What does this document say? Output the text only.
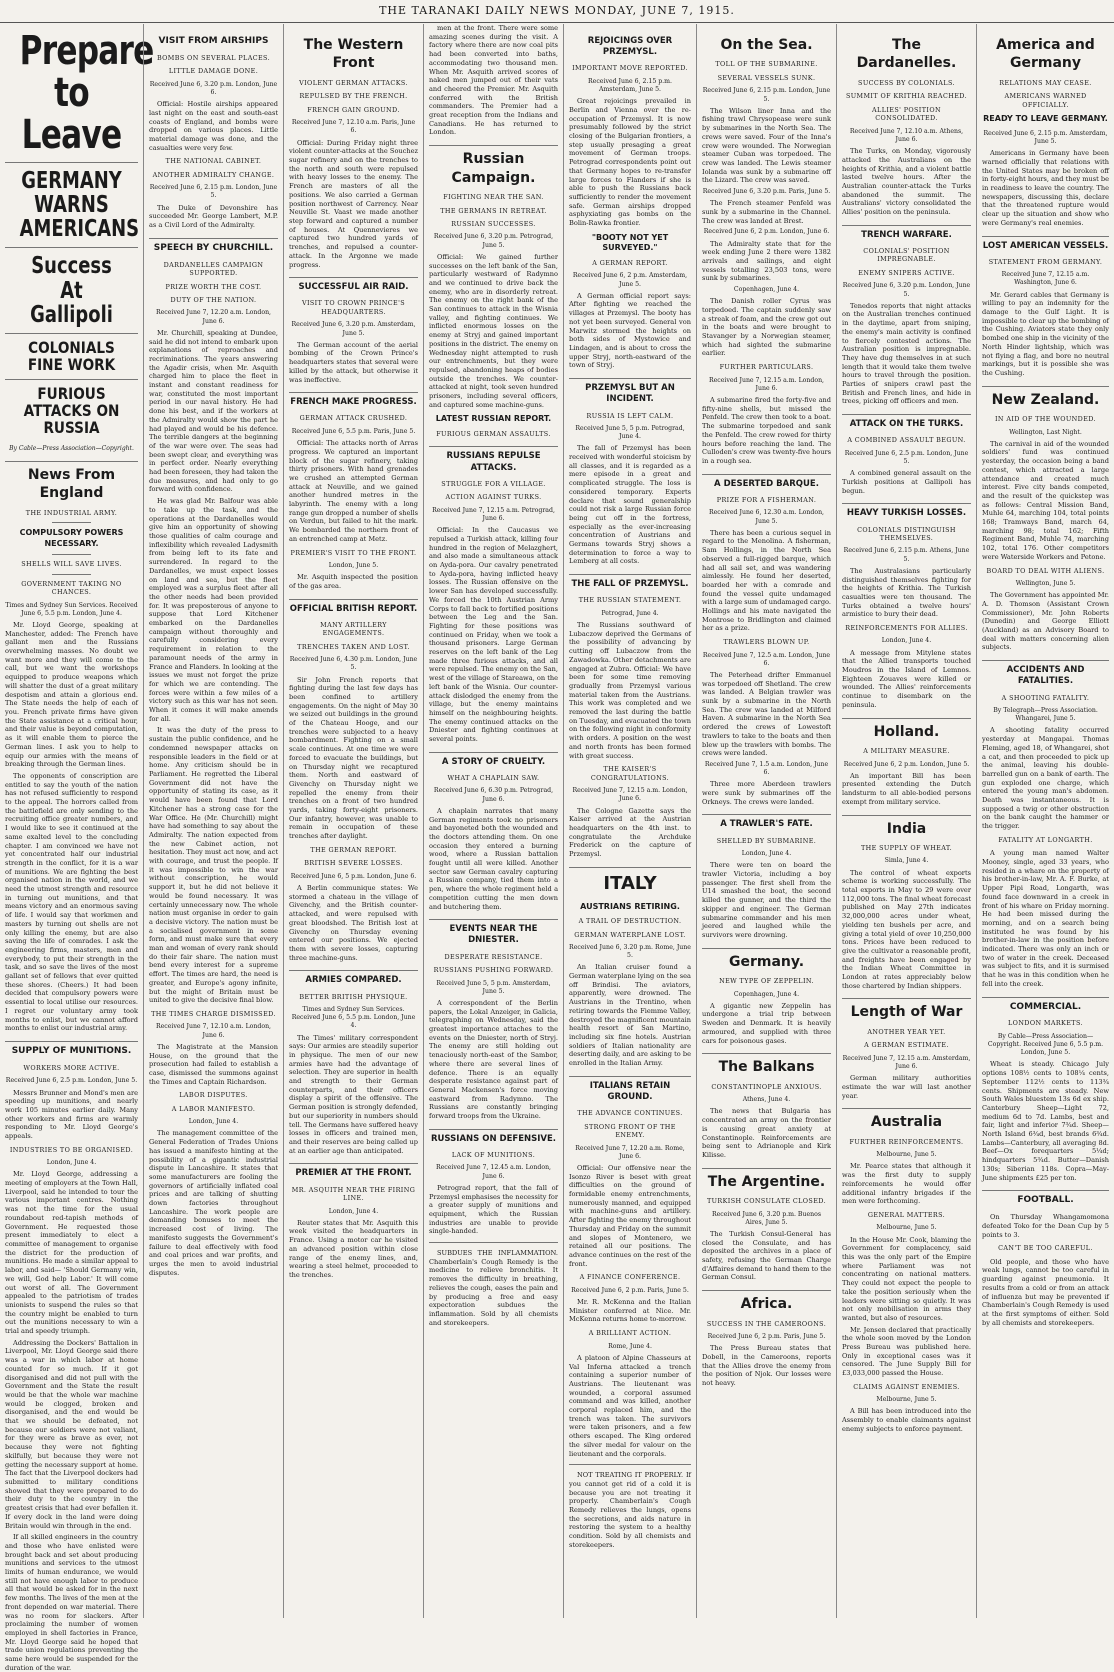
THE TARANAKI DAILY NEWS MONDAY, JUNE 7, 1915.
Prepare to Leave
GERMANY WARNS AMERICANS
Success At Gallipoli
COLONIALS FINE WORK
FURIOUS ATTACKS ON RUSSIA
By Cable—Press Association—Copyright.
News From England
THE INDUSTRIAL ARMY.
COMPULSORY POWERS NECESSARY.
SHELLS WILL SAVE LIVES.
GOVERNMENT TAKING NO CHANCES.
Times and Sydney Sun Services. Received June 6, 5.5 p.m. London, June 4.

Mr. Lloyd George, speaking at Manchester, added: The French have gallant men and the Russians overwhelming masses. No doubt we want more and they will come to the call, but we want the workshops equipped to produce weapons which will shatter the dust of a great military despotism and attain a glorious end. The State needs the help of each of you. French private firms have given the State assistance at a critical hour, and their value is beyond computation, as it will enable them to pierce the German lines. I ask you to help to equip our armies with the means of breaking through the German lines.

The opponents of conscription are entitled to say the youth of the nation has not refused sufficiently to respond to the appeal. The horrors called from the battlefield are only sending to the recruiting office greater numbers, and I would like to see it continued at the same exalted level to the concluding chapter. I am convinced we have not yet concentrated half our industrial strength in the conflict, for it is a war of munitions. We are fighting the best organised nation in the world, and we need the utmost strength and resource in turning out munitions, and that means victory and an enormous saving of life. I would say that workmen and masters by turning out shells are not only killing the enemy, but are also saving the life of comrades. I ask the engineering firms, masters, men and everybody, to put their strength in the task, and so save the lives of the most gallant set of fellows that ever quitted these shores. (Cheers.) It had been decided that compulsory powers were essential to local utilise our resources. I regret our voluntary army took months to enlist, but we cannot afford months to enlist our industrial army.

SUPPLY OF MUNITIONS.
WORKERS MORE ACTIVE.
Received June 6, 2.5 p.m. London, June 5.

Messrs Brunner and Mond's men are speeding up munitions, and nearly work 105 minutes earlier daily. Many other workers and firms are warmly responding to Mr. Lloyd George's appeals.

INDUSTRIES TO BE ORGANISED.
London, June 4.

Mr. Lloyd George, addressing a meeting of employers at the Town Hall, Liverpool, said he intended to tour the various important centres. Nothing was not the time for the usual roundabout red-tapish methods of Government. He requested those present immediately to elect a committee of management to organise the district for the production of munitions. He made a similar appeal to labor, and said— 'Should Germany win, we will, God help Labor.' It will come out worst of all. The Government appealed to the patriotism of trades unionists to suspend the rules so that the country might be enabled to turn out the munitions necessary to win a trial and speedy triumph.

Addressing the Dockers' Battalion in Liverpool, Mr. Lloyd George said there was a war in which labor at home counted for so much. If it got disorganised and did not pull with the Government and the State the result would be that the whole war machine would be clogged, broken and disorganised, and the end would be that we should be defeated, not because our soldiers were not valiant, for they were as brave as ever, not because they were not fighting skilfully, but because they were not getting the necessary support at home. The fact that the Liverpool dockers had submitted to military conditions showed that they were prepared to do their duty to the country in the greatest crisis that had ever befallen it. If every dock in the land were doing Britain would win through in the end.

If all skilled engineers in the country and those who have enlisted were brought back and set about producing munitions and services to the utmost limits of human endurance, we would still not have enough labor to produce all that would be asked for in the next few months. The lives of the men at the front depended on war material. There was no room for slackers. After proclaiming the number of women employed in shell factories in France, Mr. Lloyd George said he hoped that trade union regulations preventing the same here would be suspended for the duration of the war.

VISIT FROM AIRSHIPS
BOMBS ON SEVERAL PLACES.
LITTLE DAMAGE DONE.
Received June 6, 3.20 p.m. London, June 6.

Official: Hostile airships appeared last night on the east and south-east coasts of England, and bombs were dropped on various places. Little material damage was done, and the casualties were very few.

THE NATIONAL CABINET.
ANOTHER ADMIRALTY CHANGE.
Received June 6, 2.15 p.m. London, June 5.

The Duke of Devonshire has succeeded Mr. George Lambert, M.P. as a Civil Lord of the Admiralty.

SPEECH BY CHURCHILL.
DARDANELLES CAMPAIGN SUPPORTED.
PRIZE WORTH THE COST.
DUTY OF THE NATION.
Received June 7, 12.20 a.m. London, June 6.

Mr. Churchill, speaking at Dundee, said he did not intend to embark upon explanations of reproaches and recriminations. The years answering the Agadir crisis, when Mr. Asquith charged him to place the fleet in instant and constant readiness for war, constituted the most important period in our naval history. He had done his best, and if the workers at the Admiralty would show the part he had played and would be his defence. The terrible dangers at the beginning of the war were over. The seas had been swept clear, and everything was in perfect order. Nearly everything had been foreseen, they had taken the due measures, and had only to go forward with confidence.

He was glad Mr. Balfour was able to take up the task, and the operations at the Dardanelles would give him an opportunity of showing those qualities of calm courage and inflexibility which revealed Ladysmith from being left to its fate and surrendered. In regard to the Dardanelles, we must expect losses on land and sea, but the fleet employed was a surplus fleet after all the other needs had been provided for. It was preposterous of anyone to suppose that Lord Kitchener embarked on the Dardanelles campaign without thoroughly and carefully considering every requirement in relation to the paramount needs of the army in France and Flanders. In looking at the issues we must not forget the prize for which we are contending. The forces were within a few miles of a victory such as this war has not seen. When it comes it will make amends for all.

It was the duty of the press to sustain the public confidence, and he condemned newspaper attacks on responsible leaders in the field or at home. Any criticism should be in Parliament. He regretted the Liberal Government did not have the opportunity of stating its case, as it would have been found that Lord Kitchener has a strong case for the War Office. He (Mr. Churchill) might have had something to say about the Admiralty. The nation expected from the new Cabinet action, not hesitation. They must act now, and act with courage, and trust the people. If it was impossible to win the war without conscription, he would support it, but he did not believe it would be found necessary. It was certainly unnecessary now. The whole nation must organise in order to gain a decisive victory. The nation must be a socialised government in some form, and must make sure that every man and woman of every rank should do their fair share. The nation must bend every interest for a supreme effort. The times are hard, the need is greater, and Europe's agony infinite, but the might of Britain must be united to give the decisive final blow.

THE TIMES CHARGE DISMISSED.
Received June 7, 12.10 a.m. London, June 6.

The Magistrate at the Mansion House, on the ground that the prosecution had failed to establish a case, dismissed the summons against the Times and Captain Richardson.

LABOR DISPUTES.
A LABOR MANIFESTO.
London, June 4.

The management committee of the General Federation of Trades Unions has issued a manifesto hinting at the possibility of a gigantic industrial dispute in Lancashire. It states that some manufacturers are fooling the governors of artificially inflated coal prices and are talking of shutting down factories throughout Lancashire. The work people are demanding bonuses to meet the increased cost of living. The manifesto suggests the Government's failure to deal effectively with food and coal prices and war profits, and urges the men to avoid industrial disputes.

The Western Front
VIOLENT GERMAN ATTACKS.
REPULSED BY THE FRENCH.
FRENCH GAIN GROUND.
Received June 7, 12.10 a.m. Paris, June 6.

Official: During Friday night three violent counter-attacks at the Souchez sugar refinery and on the trenches to the north and south were repulsed with heavy losses to the enemy. The French are masters of all the positions. We also carried a German position northwest of Carrency. Near Neuville St. Vaast we made another step forward and captured a number of houses. At Quennevieres we captured two hundred yards of trenches, and repulsed a counter-attack. In the Argonne we made progress.

SUCCESSFUL AIR RAID.
VISIT TO CROWN PRINCE'S HEADQUARTERS.
Received June 6, 3.20 p.m. Amsterdam, June 5.

The German account of the aerial bombing of the Crown Prince's headquarters states that several were killed by the attack, but otherwise it was ineffective.

FRENCH MAKE PROGRESS.
GERMAN ATTACK CRUSHED.
Received June 6, 5.5 p.m. Paris, June 5.

Official: The attacks north of Arras progress. We captured an important block of the sugar refinery, taking thirty prisoners. With hand grenades we crushed an attempted German attack at Neuville, and we gained another hundred metres in the labyrinth. The enemy with a long range gun dropped a number of shells on Verdun, but failed to hit the mark. We bombarded the northern front of an entrenched camp at Metz.

PREMIER'S VISIT TO THE FRONT.
London, June 5.

Mr. Asquith inspected the position of the gas area.

OFFICIAL BRITISH REPORT.
MANY ARTILLERY ENGAGEMENTS.
TRENCHES TAKEN AND LOST.
Received June 6, 4.30 p.m. London, June 5.

Sir John French reports that fighting during the last few days has been confined to artillery engagements. On the night of May 30 we seized out buildings in the ground of the Chateau Hooge, and our trenches were subjected to a heavy bombardment. Fighting on a small scale continues. At one time we were forced to evacuate the buildings, but on Thursday night we recaptured them. North and eastward of Givenchy on Thursday night we repelled the enemy from their trenches on a front of two hundred yards, taking forty-eight prisoners. Our infantry, however, was unable to remain in occupation of these trenches after daylight.

THE GERMAN REPORT.
BRITISH SEVERE LOSSES.
Received June 6, 5 p.m. London, June 6.

A Berlin communique states: We stormed a chateau in the village of Givenchy, and the British counter-attacked, and were repulsed with great bloodshed. The British lost at Givenchy on Thursday evening entered our positions. We ejected them with severe losses, capturing three machine-guns.

ARMIES COMPARED.
BETTER BRITISH PHYSIQUE.
Times and Sydney Sun Services. Received June 6, 5.5 p.m. London, June 4.

The Times' military correspondent says: Our armies are steadily superior in physique. The men of our new armies have had the advantage of selection. They are superior in health and strength to their German counterparts, and their officers display a spirit of the offensive. The German position is strongly defended, but our superiority in numbers should tell. The Germans have suffered heavy losses in officers and trained men, and their reserves are being called up at an earlier age than anticipated.

PREMIER AT THE FRONT.
MR. ASQUITH NEAR THE FIRING LINE.
London, June 4.

Reuter states that Mr. Asquith this week visited the headquarters in France. Using a motor car he visited an advanced position within close range of the enemy lines, and, wearing a steel helmet, proceeded to the trenches.

men at the front. There were some amazing scenes during the visit. A factory where there are now coal pits had been converted into baths, accommodating two thousand men. When Mr. Asquith arrived scores of naked men jumped out of their vats and cheered the Premier. Mr. Asquith conferred with the British commanders. The Premier had a great reception from the Indians and Canadians. He has returned to London.

Russian Campaign.
FIGHTING NEAR THE SAN.
THE GERMANS IN RETREAT.
RUSSIAN SUCCESSES.
Received June 6, 3.20 p.m. Petrograd, June 5.

Official: We gained further successes on the left bank of the San, particularly westward of Radymno and we continued to drive back the enemy, who are in disorderly retreat. The enemy on the right bank of the San continues to attack in the Wisnia valley, and fighting continues. We inflicted enormous losses on the enemy at Stryj and gained important positions in the district. The enemy on Wednesday night attempted to rush our entrenchments, but they were repulsed, abandoning heaps of bodies outside the trenches. We counter-attacked at night, took seven hundred prisoners, including several officers, and captured some machine-guns.

LATEST RUSSIAN REPORT.
FURIOUS GERMAN ASSAULTS.
RUSSIANS REPULSE ATTACKS.
STRUGGLE FOR A VILLAGE.
ACTION AGAINST TURKS.
Received June 7, 12.15 a.m. Petrograd, June 6.

Official: In the Caucasus we repulsed a Turkish attack, killing four hundred in the region of Melazghert, and also made a simultaneous attack on Ayda-pora. Our cavalry penetrated to Ayda-pora, having inflicted heavy losses. The Russian offensive on the lower San has developed successfully. We forced the 10th Austrian Army Corps to fall back to fortified positions between the Leg and the San. Fighting for these positions was continued on Friday, when we took a thousand prisoners. Large German reserves on the left bank of the Leg made three furious attacks, and all were repulsed. The enemy on the San, west of the village of Stareawa, on the left bank of the Wisnia. Our counter-attack dislodged the enemy from the village, but the enemy maintains himself on the neighbouring heights. The enemy continued attacks on the Dniester and fighting continues at several points.

A STORY OF CRUELTY.
WHAT A CHAPLAIN SAW.
Received June 6, 6.30 p.m. Petrograd, June 6.

A chaplain narrates that many German regiments took no prisoners and bayoneted both the wounded and the doctors attending them. On one occasion they entered a burning wood, where a Russian battalion fought until all were killed. Another sector saw German cavalry capturing a Russian company, tied them into a pen, where the whole regiment held a competition cutting the men down and butchering them.

EVENTS NEAR THE DNIESTER.
DESPERATE RESISTANCE.
RUSSIANS PUSHING FORWARD.
Received June 5, 5 p.m. Amsterdam, June 5.

A correspondent of the Berlin papers, the Lokal Anzeiger, in Galicia, telegraphing on Wednesday, said the greatest importance attaches to the events on the Dniester, north of Stryj. The enemy are still holding out tenaciously north-east of the Sambor, where there are several lines of defence. There is an equally desperate resistance against part of General Mackensen's force moving eastward from Radymno. The Russians are constantly bringing forward troops from the Ukraine.

RUSSIANS ON DEFENSIVE.
LACK OF MUNITIONS.
Received June 7, 12.45 a.m. London, June 6.

Petrograd report, that the fall of Przemysl emphasises the necessity for a greater supply of munitions and equipment, which the Russian industries are unable to provide single-handed.

SUBDUES THE INFLAMMATION. Chamberlain's Cough Remedy is the medicine to relieve bronchitis. It removes the difficulty in breathing, relieves the cough, eases the pain and by producing a free and easy expectoration subdues the inflammation. Sold by all chemists and storekeepers.

REJOICINGS OVER PRZEMYSL.
IMPORTANT MOVE REPORTED.
Received June 6, 2.15 p.m. Amsterdam, June 5.

Great rejoicings prevailed in Berlin and Vienna over the re-occupation of Przemysl. It is now presumably followed by the strict closing of the Bulgarian frontiers, a step usually presaging a great movement of German troops. Petrograd correspondents point out that Germany hopes to re-transfer large forces to Flanders if she is able to push the Russians back sufficiently to render the movement safe. German airships dropped asphyxiating gas bombs on the Bolin-Rawka frontier.

"BOOTY NOT YET SURVEYED."
A GERMAN REPORT.
Received June 6, 2 p.m. Amsterdam, June 5.

A German official report says: After fighting we reached the villages at Przemysl. The booty has not yet been surveyed. General von Marwitz stormed the heights on both sides of Mystowice and Lindagen, and is about to cross the upper Stryj, north-eastward of the town of Stryj.

PRZEMYSL BUT AN INCIDENT.
RUSSIA IS LEFT CALM.
Received June 5, 5 p.m. Petrograd, June 4.

The fall of Przemysl has been received with wonderful stoicism by all classes, and it is regarded as a mere episode in a great and complicated struggle. The loss is considered temporary. Experts declare that sound generalship could not risk a large Russian force being cut off in the fortress, especially as the ever-increasing concentration of Austrians and Germans towards Stryj shows a determination to force a way to Lemberg at all costs.

THE FALL OF PRZEMYSL.
THE RUSSIAN STATEMENT.
Petrograd, June 4.

The Russians southward of Lubaczow deprived the Germans of the possibility of advancing by cutting off Lubaczow from the Zawadowka. Other detachments are engaged at Zubra. Official: We have been for some time removing gradually from Przemysl various material taken from the Austrians. This work was completed and we removed the last during the battle on Tuesday, and evacuated the town on the following night in conformity with orders. A position on the west and north fronts has been formed with great success.

THE KAISER'S CONGRATULATIONS.
Received June 7, 12.15 a.m. London, June 6.

The Cologne Gazette says the Kaiser arrived at the Austrian headquarters on the 4th inst. to congratulate the Archduke Frederick on the capture of Przemysl.

ITALY
AUSTRIANS RETIRING.
A TRAIL OF DESTRUCTION.
GERMAN WATERPLANE LOST.
Received June 6, 3.20 p.m. Rome, June 5.

An Italian cruiser found a German waterplane lying on the sea off Brindisi. The aviators, apparently, were drowned. The Austrians in the Trentino, when retiring towards the Fiemme Valley, destroyed the magnificent mountain health resort of San Martino, including six fine hotels. Austrian soldiers of Italian nationality are deserting daily, and are asking to be enrolled in the Italian Army.

ITALIANS RETAIN GROUND.
THE ADVANCE CONTINUES.
STRONG FRONT OF THE ENEMY.
Received June 7, 12.20 a.m. Rome, June 6.

Official: Our offensive near the Isonzo River is beset with great difficulties on the ground of formidable enemy entrenchments, numerously manned, and equipped with machine-guns and artillery. After fighting the enemy throughout Thursday and Friday on the summit and slopes of Montenero, we retained all our positions. The advance continues on the rest of the front.

A FINANCE CONFERENCE.
Received June 6, 2 p.m. Paris, June 5.

Mr. R. McKenna and the Italian Minister conferred at Nice. Mr. McKenna returns home to-morrow.

A BRILLIANT ACTION.
Rome, June 4.

A platoon of Alpine Chasseurs at Val Inferna attacked a trench containing a superior number of Austrians. The lieutenant was wounded, a corporal assumed command and was killed, another corporal replaced him, and the trench was taken. The survivors were taken prisoners, and a few others escaped. The King ordered the silver medal for valour on the lieutenant and the corporals.

NOT TREATING IT PROPERLY. If you cannot get rid of a cold it is because you are not treating it properly. Chamberlain's Cough Remedy relieves the lungs, opens the secretions, and aids nature in restoring the system to a healthy condition. Sold by all chemists and storekeepers.

On the Sea.
TOLL OF THE SUBMARINE.
SEVERAL VESSELS SUNK.
Received June 6, 2.15 p.m. London, June 5.

The Wilson liner Inna and the fishing trawl Chrysopease were sunk by submarines in the North Sea. The crews were saved. Four of the Inna's crew were wounded. The Norwegian steamer Cuban was torpedoed. The crew was landed. The Lewis steamer Iolanda was sunk by a submarine off the Lizard. The crew was saved.

Received June 6, 3.20 p.m. Paris, June 5.

The French steamer Penfeld was sunk by a submarine in the Channel. The crew was landed at Brest.

Received June 6, 2 p.m. London, June 6.

The Admiralty state that for the week ending June 2 there were 1382 arrivals and sailings, and eight vessels totalling 23,503 tons, were sunk by submarines.

Copenhagen, June 4.

The Danish roller Cyrus was torpedoed. The captain suddenly saw a streak of foam, and the crew got out in the boats and were brought to Stavanger by a Norwegian steamer, which had sighted the submarine earlier.

FURTHER PARTICULARS.
Received June 7, 12.15 a.m. London, June 6.

A submarine fired the forty-five and fifty-nine shells, but missed the Penfeld. The crew then took to a boat. The submarine torpedoed and sank the Penfeld. The crew rowed for thirty hours before reaching the land. The Culloden's crew was twenty-five hours in a rough sea.

A DESERTED BARQUE.
PRIZE FOR A FISHERMAN.
Received June 6, 12.30 a.m. London, June 5.

There has been a curious sequel in regard to the Menolina. A fisherman, Sam Hollings, in the North Sea observed a full-rigged barque, which had all sail set, and was wandering aimlessly. He found her deserted, boarded her with a comrade and found the vessel quite undamaged with a large sum of undamaged cargo. Hollings and his mate navigated the Montrose to Bridlington and claimed her as a prize.

TRAWLERS BLOWN UP.
Received June 7, 12.5 a.m. London, June 6.

The Peterhead drifter Emmanuel was torpedoed off Shetland. The crew was landed. A Belgian trawler was sunk by a submarine in the North Sea. The crew was landed at Milford Haven. A submarine in the North Sea ordered the crews of Lowestoft trawlers to take to the boats and then blew up the trawlers with bombs. The crews were landed.

Received June 7, 1.5 a.m. London, June 6.

Three more Aberdeen trawlers were sunk by submarines off the Orkneys. The crews were landed.

A TRAWLER'S FATE.
SHELLED BY SUBMARINE.
London, June 4.

There were ten on board the trawler Victoria, including a boy passenger. The first shell from the U14 smashed the boat, the second killed the gunner, and the third the skipper and engineer. The German submarine commander and his men jeered and laughed while the survivors were drowning.

Germany.
NEW TYPE OF ZEPPELIN.
Copenhagen, June 4.

A gigantic new Zeppelin has undergone a trial trip between Sweden and Denmark. It is heavily armoured, and supplied with three cars for poisonous gases.

The Balkans
CONSTANTINOPLE ANXIOUS.
Athens, June 4.

The news that Bulgaria has concentrated an army on the frontier is causing great anxiety at Constantinople. Reinforcements are being sent to Adrianople and Kirk Kilisse.

The Argentine.
TURKISH CONSULATE CLOSED.
Received June 6, 3.20 p.m. Buenos Aires, June 5.

The Turkish Consul-General has closed the Consulate, and has deposited the archives in a place of safety, refusing the German Charge d'Affaires demand to hand them to the German Consul.

Africa.
SUCCESS IN THE CAMEROONS.
Received June 6, 2 p.m. Paris, June 5.

The Press Bureau states that Dobell, in the Cameroons, reports that the Allies drove the enemy from the position of Njok. Our losses were not heavy.

The Dardanelles.
SUCCESS BY COLONIALS.
SUMMIT OF KRITHIA REACHED.
ALLIES' POSITION CONSOLIDATED.
Received June 7, 12.10 a.m. Athens, June 6.

The Turks, on Monday, vigorously attacked the Australians on the heights of Krithia, and a violent battle lasted twelve hours. After the Australian counter-attack the Turks abandoned the summit. The Australians' victory consolidated the Allies' position on the peninsula.

TRENCH WARFARE.
COLONIALS' POSITION IMPREGNABLE.
ENEMY SNIPERS ACTIVE.
Received June 6, 3.20 p.m. London, June 5.

Tenedos reports that night attacks on the Australian trenches continued in the daytime, apart from sniping, the enemy's main activity is confined to fiercely contested actions. The Australian position is impregnable. They have dug themselves in at such length that it would take them twelve hours to travel through the position. Parties of snipers crawl past the British and French lines, and hide in trees, picking off officers and men.

ATTACK ON THE TURKS.
A COMBINED ASSAULT BEGUN.
Received June 6, 2.5 p.m. London, June 5.

A combined general assault on the Turkish positions at Gallipoli has begun.

HEAVY TURKISH LOSSES.
COLONIALS DISTINGUISH THEMSELVES.
Received June 6, 2.15 p.m. Athens, June 5.

The Australasians particularly distinguished themselves fighting for the heights of Krithia. The Turkish casualties were ten thousand. The Turks obtained a twelve hours' armistice to bury their dead.

REINFORCEMENTS FOR ALLIES.
London, June 4.

A message from Mitylene states that the Allied transports touched Moudros in the Island of Lemnos. Eighteen Zouaves were killed or wounded. The Allies' reinforcements continue to disembark on the peninsula.

Holland.
A MILITARY MEASURE.
Received June 6, 2 p.m. London, June 5.

An important Bill has been presented extending the Dutch landsturm to all able-bodied persons exempt from military service.

India
THE SUPPLY OF WHEAT.
Simla, June 4.

The control of wheat exports scheme is working successfully. The total exports in May to 29 were over 112,000 tons. The final wheat forecast published on May 27th indicates 32,000,000 acres under wheat, yielding ten bushels per acre, and giving a total yield of over 10,250,000 tons. Prices have been reduced to give the cultivator a reasonable profit, and freights have been engaged by the Indian Wheat Committee in London at rates appreciably below those chartered by Indian shippers.

Length of War
ANOTHER YEAR YET.
A GERMAN ESTIMATE.
Received June 7, 12.15 a.m. Amsterdam, June 6.

German military authorities estimate the war will last another year.

Australia
FURTHER REINFORCEMENTS.
Melbourne, June 5.

Mr. Pearce states that although it was the first duty to supply reinforcements he would offer additional infantry brigades if the men were forthcoming.

GENERAL MATTERS.
Melbourne, June 5.

In the House Mr. Cook, blaming the Government for complacency, said this was the only part of the Empire where Parliament was not concentrating on national matters. They could not expect the people to take the position seriously when the leaders were sitting so quietly. It was not only mobilisation in arms they wanted, but also of resources.

Mr. Jensen declared that practically the whole soon moved by the London Press Bureau was published here. Only in exceptional cases was it censored. The June Supply Bill for £3,033,000 passed the House.

CLAIMS AGAINST ENEMIES.
Melbourne, June 5.

A Bill has been introduced into the Assembly to enable claimants against enemy subjects to enforce payment.

America and Germany
RELATIONS MAY CEASE.
AMERICANS WARNED OFFICIALLY.
READY TO LEAVE GERMANY.
Received June 6, 2.15 p.m. Amsterdam, June 5.

Americans in Germany have been warned officially that relations with the United States may be broken off in forty-eight hours, and they must be in readiness to leave the country. The newspapers, discussing this, declare that the threatened rupture would clear up the situation and show who were Germany's real enemies.

LOST AMERICAN VESSELS.
STATEMENT FROM GERMANY.
Received June 7, 12.15 a.m. Washington, June 6.

Mr. Gerard cables that Germany is willing to pay an indemnity for the damage to the Gulf Light. It is impossible to clear up the bombing of the Cushing. Aviators state they only bombed one ship in the vicinity of the North Hinder lightship, which was not flying a flag, and bore no neutral markings, but it is possible she was the Cushing.

New Zealand.
IN AID OF THE WOUNDED.
Wellington, Last Night.

The carnival in aid of the wounded soldiers' fund was continued yesterday, the occasion being a band contest, which attracted a large attendance and created much interest. Five city bands competed, and the result of the quickstep was as follows: Central Mission Band, Muhle 64, marching 104, total points 168; Tramways Band, march 64, marching 98; total 162; Fifth Regiment Band, Muhle 74, marching 102, total 176. Other competitors were Waterside Workers and Petone.

BOARD TO DEAL WITH ALIENS.
Wellington, June 5.

The Government has appointed Mr. A. D. Thomson (Assistant Crown Commissioner), Mr. John Roberts (Dunedin) and George Elliott (Auckland) as an Advisory Board to deal with matters concerning alien subjects.

ACCIDENTS AND FATALITIES.
A SHOOTING FATALITY.
By Telegraph—Press Association. Whangarei, June 5.

A shooting fatality occurred yesterday at Mangapai. Thomas Fleming, aged 18, of Whangarei, shot a cat, and then proceeded to pick up the animal, leaving his double-barrelled gun on a bank of earth. The gun exploded one charge, which entered the young man's abdomen. Death was instantaneous. It is supposed a twig or other obstruction on the bank caught the hammer or the trigger.

FATALITY AT LONGARTH.

A young man named Walter Mooney, single, aged 33 years, who resided in a whare on the property of his brother-in-law, Mr. A. F. Burke, at Upper Pipi Road, Longarth, was found face downward in a creek in front of his whare on Friday morning. He had been missed during the morning, and on a search being instituted he was found by his brother-in-law in the position before indicated. There was only an inch or two of water in the creek. Deceased was subject to fits, and it is surmised that he was in this condition when he fell into the creek.

COMMERCIAL.
LONDON MARKETS.
By Cable—Press Association—Copyright. Received June 6, 5.5 p.m. London, June 5.

Wheat is steady. Chicago July options 108½ cents to 108¼ cents, September 112½ cents to 113¾ cents. Shipments are steady. New South Wales bluestem 13s 6d ex ship. Canterbury Sheep—Light 72, medium 6d to 7d. Lambs, best and fair, light and inferior 7¾d. Sheep—North Island 6¾d, best brands 6¾d. Lambs—Canterbury, all averaging 8d. Beef—Ox forequarters 5¼d; hindquarters 5¾d. Butter—Danish 130s; Siberian 118s. Copra—May-June shipments £25 per ton.

FOOTBALL.

On Thursday Whangamomona defeated Toko for the Dean Cup by 5 points to 3.

CAN'T BE TOO CAREFUL.

Old people, and those who have weak lungs, cannot be too careful in guarding against pneumonia. It results from a cold or from an attack of influenza but may be prevented if Chamberlain's Cough Remedy is used at the first symptoms of either. Sold by all chemists and storekeepers.
